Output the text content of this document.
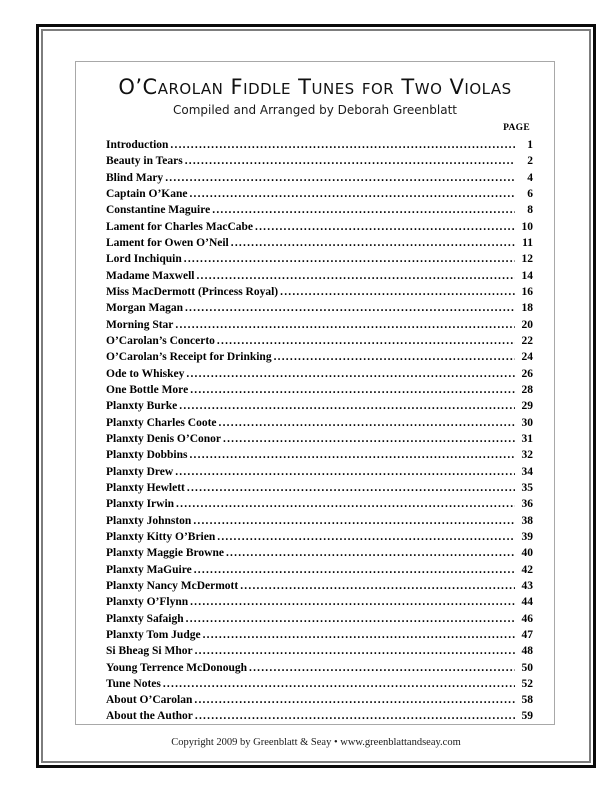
O’Carolan Fiddle Tunes for Two Violas
Compiled and Arranged by Deborah Greenblatt
PAGE
Introduction .....	1
Beauty in Tears .....	2
Blind Mary .....	4
Captain O’Kane .....	6
Constantine Maguire .....	8
Lament for Charles MacCabe .....	10
Lament for Owen O’Neil .....	11
Lord Inchiquin .....	12
Madame Maxwell .....	14
Miss MacDermott (Princess Royal) .....	16
Morgan Magan .....	18
Morning Star .....	20
O’Carolan’s Concerto .....	22
O’Carolan’s Receipt for Drinking .....	24
Ode to Whiskey .....	26
One Bottle More .....	28
Planxty Burke .....	29
Planxty Charles Coote .....	30
Planxty Denis O’Conor .....	31
Planxty Dobbins .....	32
Planxty Drew .....	34
Planxty Hewlett .....	35
Planxty Irwin .....	36
Planxty Johnston .....	38
Planxty Kitty O’Brien .....	39
Planxty Maggie Browne .....	40
Planxty MaGuire .....	42
Planxty Nancy McDermott .....	43
Planxty O’Flynn .....	44
Planxty Safaigh .....	46
Planxty Tom Judge .....	47
Si Bheag Si Mhor .....	48
Young Terrence McDonough .....	50
Tune Notes .....	52
About O’Carolan .....	58
About the Author .....	59
Copyright 2009 by Greenblatt & Seay • www.greenblattandseay.com
